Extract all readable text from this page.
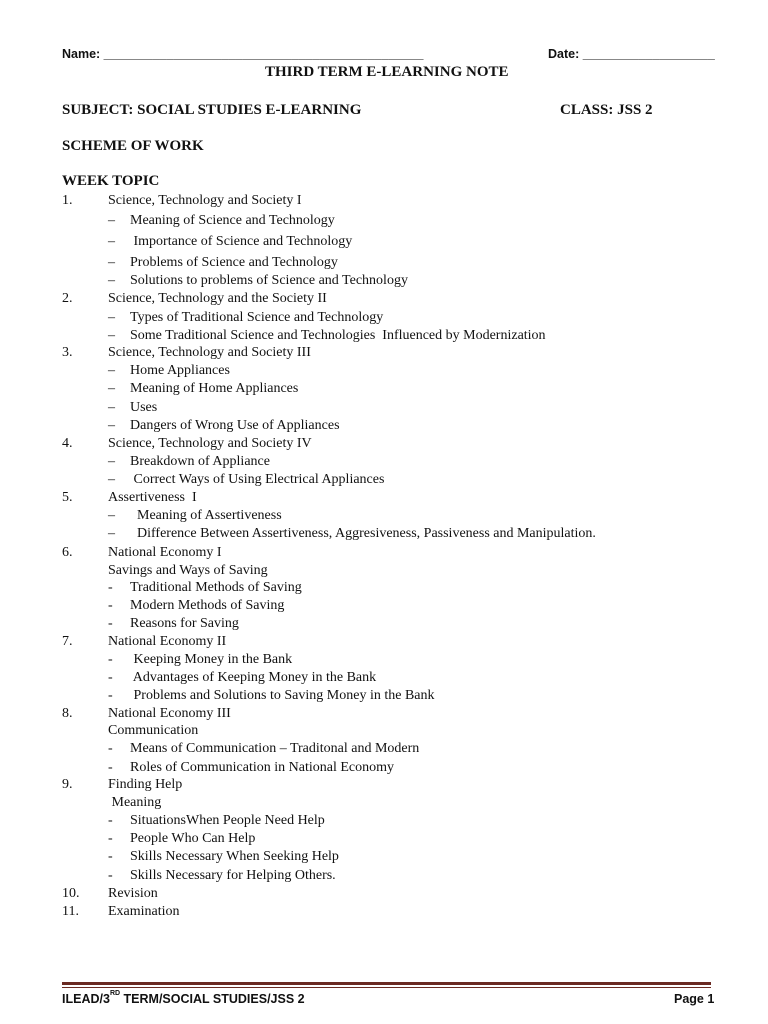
Name: ______________________________________________	Date: ___________________
THIRD TERM E-LEARNING NOTE
SUBJECT: SOCIAL STUDIES E-LEARNING	CLASS: JSS 2
SCHEME OF WORK
WEEK TOPIC
1.	Science, Technology and Society I
– Meaning of Science and Technology
– Importance of Science and Technology
– Problems of Science and Technology
– Solutions to problems of Science and Technology
2.	Science, Technology and the Society II
– Types of Traditional Science and Technology
– Some Traditional Science and Technologies  Influenced by Modernization
3.	Science, Technology and Society III
– Home Appliances
– Meaning of Home Appliances
– Uses
– Dangers of Wrong Use of Appliances
4.	Science, Technology and Society IV
– Breakdown of Appliance
– Correct Ways of Using Electrical Appliances
5.	Assertiveness  I
– Meaning of Assertiveness
– Difference Between Assertiveness, Aggresiveness, Passiveness and Manipulation.
6.	National Economy I
Savings and Ways of Saving
- Traditional Methods of Saving
- Modern Methods of Saving
- Reasons for Saving
7.	National Economy II
- Keeping Money in the Bank
- Advantages of Keeping Money in the Bank
- Problems and Solutions to Saving Money in the Bank
8.	National Economy III
Communication
- Means of Communication – Traditonal and Modern
- Roles of Communication in National Economy
9.	Finding Help
Meaning
- SituationsWhen People Need Help
- People Who Can Help
- Skills Necessary When Seeking Help
- Skills Necessary for Helping Others.
10. Revision
11. Examination
ILEAD/3RD TERM/SOCIAL STUDIES/JSS 2	Page 1
